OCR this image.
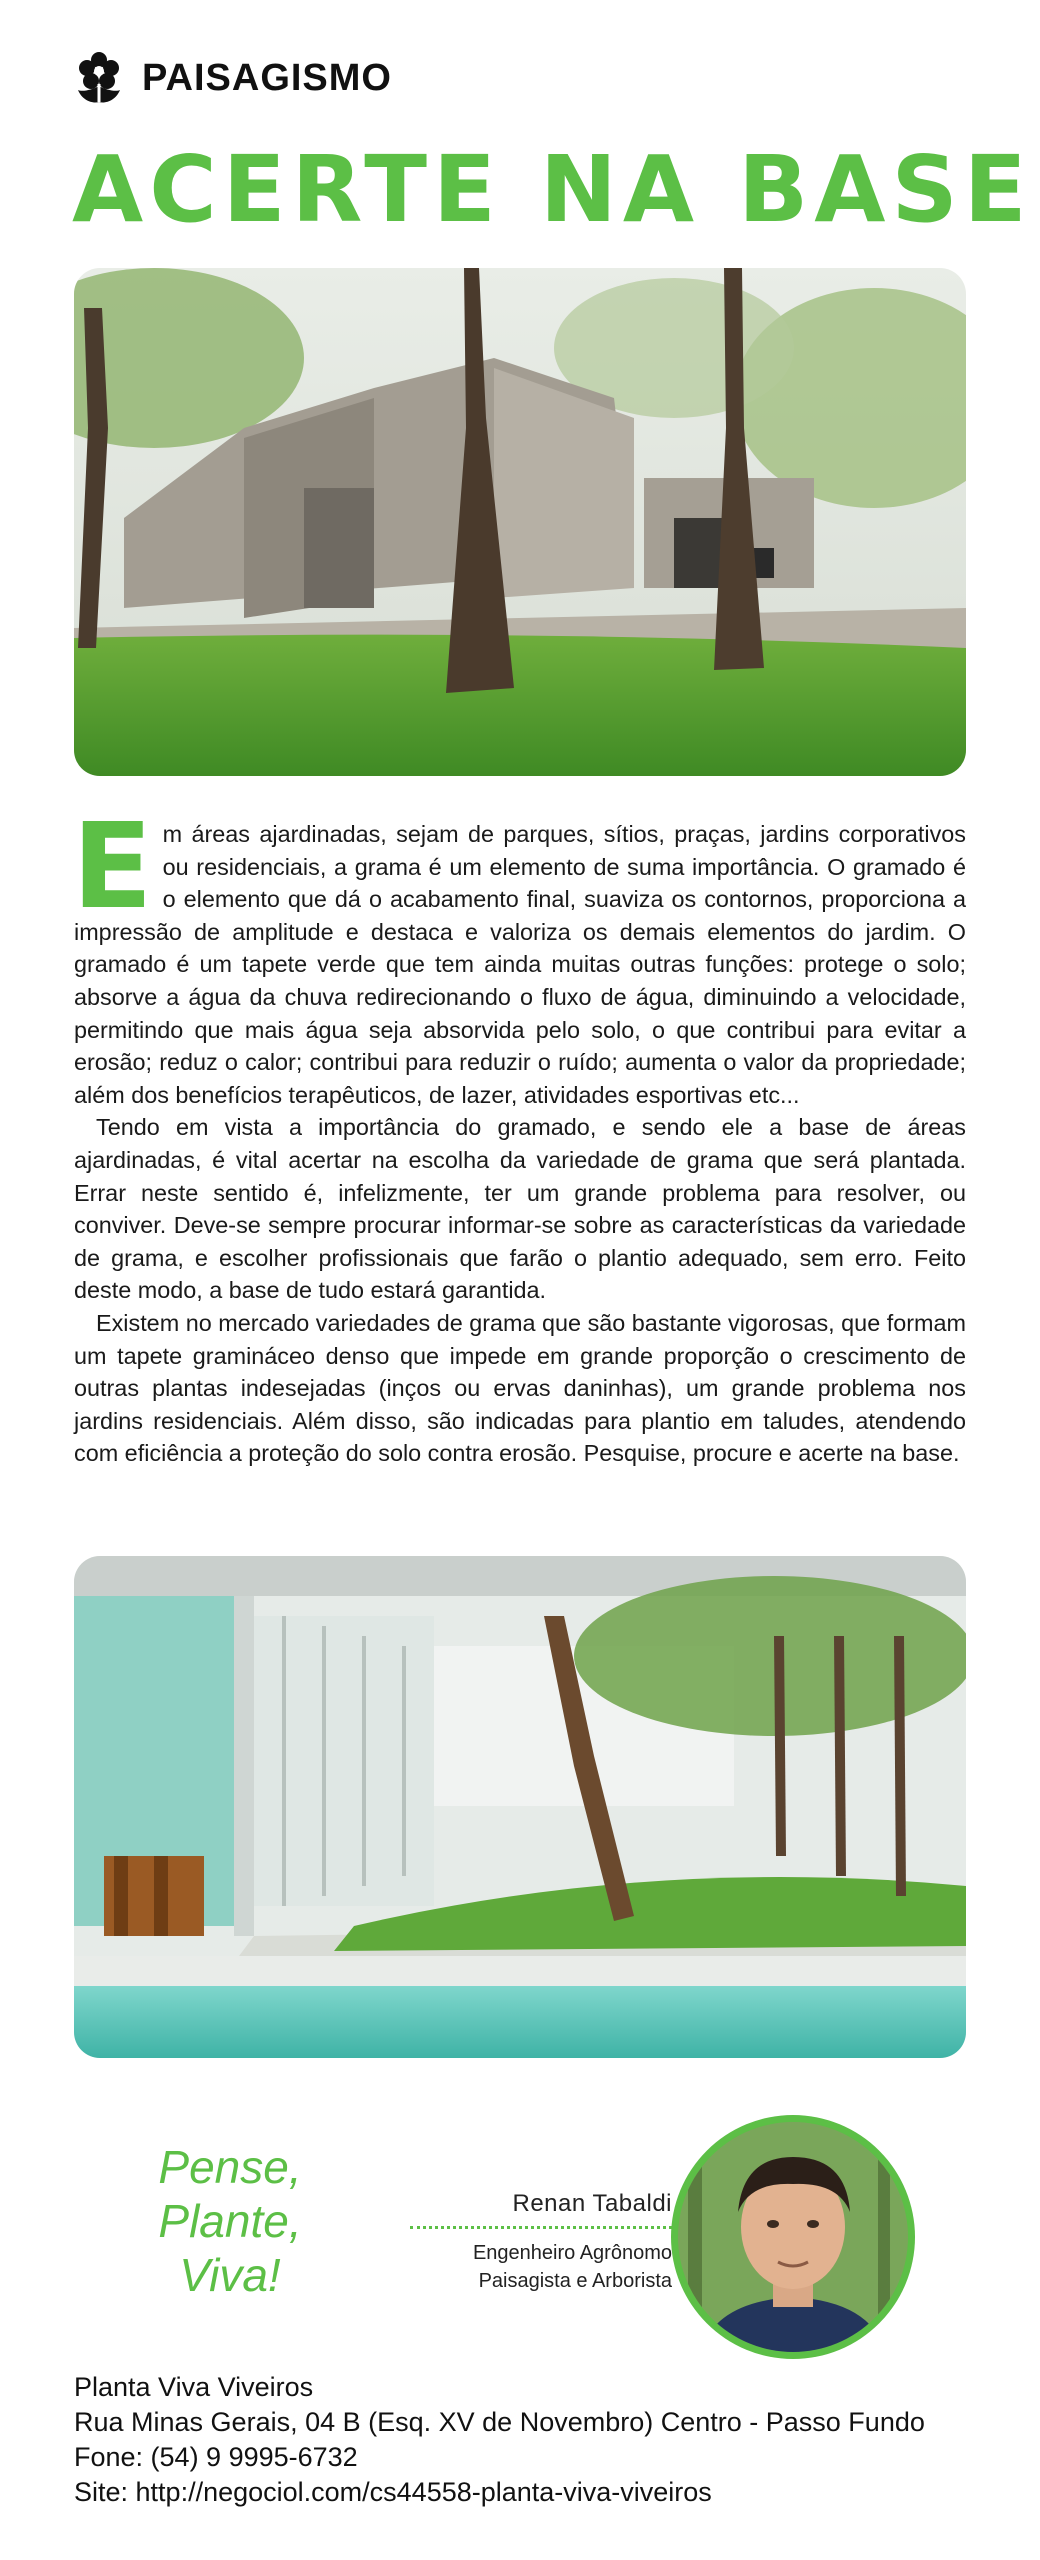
PAISAGISMO
ACERTE NA BASE

Em áreas ajardinadas, sejam de parques, sítios, praças, jardins corporativos ou residenciais, a grama é um elemento de suma importância. O gramado é o elemento que dá o acabamento final, suaviza os contornos, proporciona a impressão de amplitude e destaca e valoriza os demais elementos do jardim. O gramado é um tapete verde que tem ainda muitas outras funções: protege o solo; absorve a água da chuva redirecionando o fluxo de água, diminuindo a velocidade, permitindo que mais água seja absorvida pelo solo, o que contribui para evitar a erosão; reduz o calor; contribui para reduzir o ruído; aumenta o valor da propriedade; além dos benefícios terapêuticos, de lazer, atividades esportivas etc...

Tendo em vista a importância do gramado, e sendo ele a base de áreas ajardinadas, é vital acertar na escolha da variedade de grama que será plantada. Errar neste sentido é, infelizmente, ter um grande problema para resolver, ou conviver. Deve-se sempre procurar informar-se sobre as características da variedade de grama, e escolher profissionais que farão o plantio adequado, sem erro. Feito deste modo, a base de tudo estará garantida.

Existem no mercado variedades de grama que são bastante vigorosas, que formam um tapete gramináceo denso que impede em grande proporção o crescimento de outras plantas indesejadas (inços ou ervas daninhas), um grande problema nos jardins residenciais. Além disso, são indicadas para plantio em taludes, atendendo com eficiência a proteção do solo contra erosão. Pesquise, procure e acerte na base.

Pense,
Plante,
Viva!
Renan Tabaldi
Engenheiro Agrônomo
Paisagista e Arborista
Planta Viva Viveiros
Rua Minas Gerais, 04 B (Esq. XV de Novembro) Centro - Passo Fundo
Fone: (54) 9 9995-6732
Site: http://negociol.com/cs44558-planta-viva-viveiros
